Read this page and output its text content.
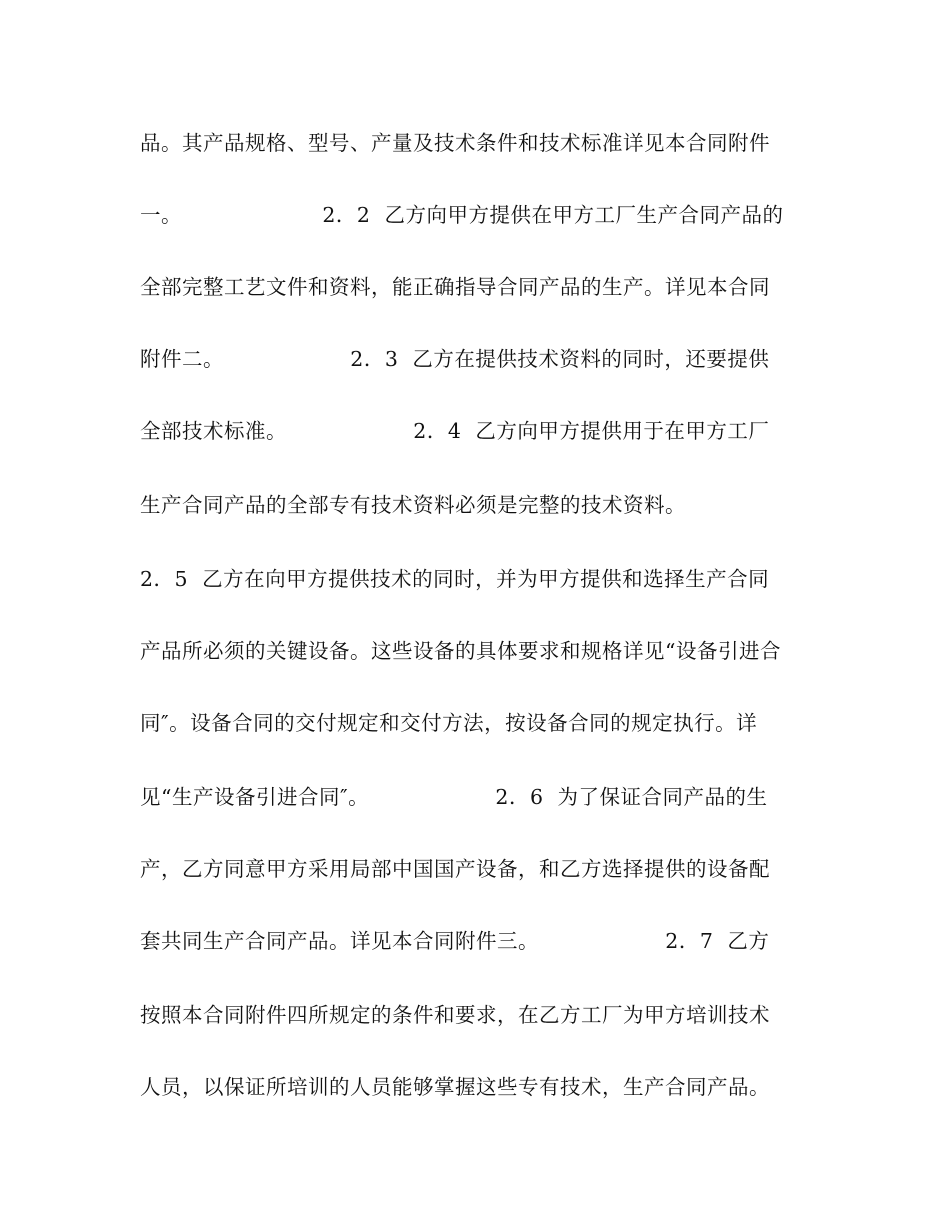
品。其产品规格、型号、产量及技术条件和技术标准详见本合同附件
一。                    2．2  乙方向甲方提供在甲方工厂生产合同产品的
全部完整工艺文件和资料，能正确指导合同产品的生产。详见本合同
附件二。                  2．3  乙方在提供技术资料的同时，还要提供
全部技术标准。                  2．4  乙方向甲方提供用于在甲方工厂
生产合同产品的全部专有技术资料必须是完整的技术资料。
2．5  乙方在向甲方提供技术的同时，并为甲方提供和选择生产合同
产品所必须的关键设备。这些设备的具体要求和规格详见“设备引进合
同″。设备合同的交付规定和交付方法，按设备合同的规定执行。详
见“生产设备引进合同″。                  2．6  为了保证合同产品的生
产，乙方同意甲方采用局部中国国产设备，和乙方选择提供的设备配
套共同生产合同产品。详见本合同附件三。                  2．7  乙方
按照本合同附件四所规定的条件和要求，在乙方工厂为甲方培训技术
人员，以保证所培训的人员能够掌握这些专有技术，生产合同产品。
